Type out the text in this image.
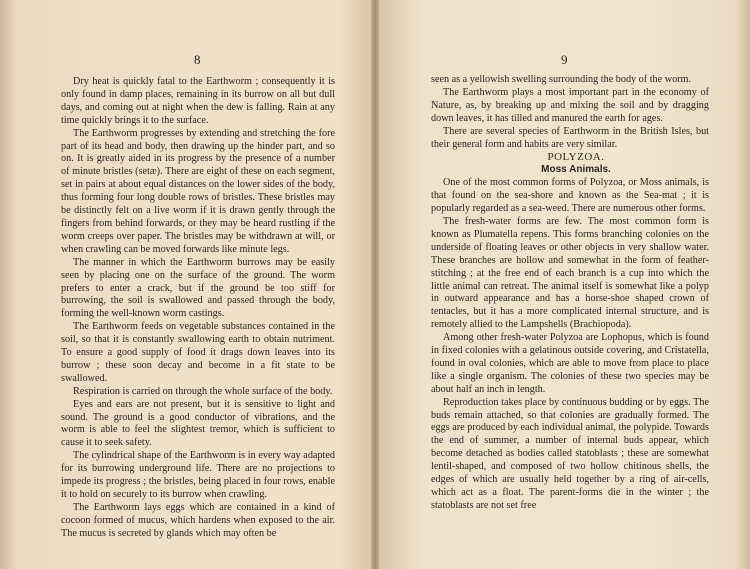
8

Dry heat is quickly fatal to the Earthworm ; consequently it is only found in damp places, remaining in its burrow on all but dull days, and coming out at night when the dew is falling. Rain at any time quickly brings it to the surface.

The Earthworm progresses by extending and stretching the fore part of its head and body, then drawing up the hinder part, and so on. It is greatly aided in its progress by the presence of a number of minute bristles (setæ). There are eight of these on each segment, set in pairs at about equal distances on the lower sides of the body, thus forming four long double rows of bristles. These bristles may be distinctly felt on a live worm if it is drawn gently through the fingers from behind forwards, or they may be heard rustling if the worm creeps over paper. The bristles may be withdrawn at will, or when crawling can be moved forwards like minute legs.

The manner in which the Earthworm burrows may be easily seen by placing one on the surface of the ground. The worm prefers to enter a crack, but if the ground be too stiff for burrowing, the soil is swallowed and passed through the body, forming the well-known worm castings.

The Earthworm feeds on vegetable substances contained in the soil, so that it is constantly swallowing earth to obtain nutriment. To ensure a good supply of food it drags down leaves into its burrow ; these soon decay and become in a fit state to be swallowed.

Respiration is carried on through the whole surface of the body.

Eyes and ears are not present, but it is sensitive to light and sound. The ground is a good conductor of vibrations, and the worm is able to feel the slightest tremor, which is sufficient to cause it to seek safety.

The cylindrical shape of the Earthworm is in every way adapted for its burrowing underground life. There are no projections to impede its progress ; the bristles, being placed in four rows, enable it to hold on securely to its burrow when crawling.

The Earthworm lays eggs which are contained in a kind of cocoon formed of mucus, which hardens when exposed to the air. The mucus is secreted by glands which may often be

9

seen as a yellowish swelling surrounding the body of the worm.

The Earthworm plays a most important part in the economy of Nature, as, by breaking up and mixing the soil and by dragging down leaves, it has tilled and manured the earth for ages.

There are several species of Earthworm in the British Isles, but their general form and habits are very similar.

POLYZOA.

Moss Animals.

One of the most common forms of Polyzoa, or Moss animals, is that found on the sea-shore and known as the Sea-mat ; it is popularly regarded as a sea-weed. There are numerous other forms.

The fresh-water forms are few. The most common form is known as Plumatella repens. This forms branching colonies on the underside of floating leaves or other objects in very shallow water. These branches are hollow and somewhat in the form of feather-stitching ; at the free end of each branch is a cup into which the little animal can retreat. The animal itself is somewhat like a polyp in outward appearance and has a horse-shoe shaped crown of tentacles, but it has a more complicated internal structure, and is remotely allied to the Lampshells (Brachiopoda).

Among other fresh-water Polyzoa are Lophopus, which is found in fixed colonies with a gelatinous outside covering, and Cristatella, found in oval colonies, which are able to move from place to place like a single organism. The colonies of these two species may be about half an inch in length.

Reproduction takes place by continuous budding or by eggs. The buds remain attached, so that colonies are gradually formed. The eggs are produced by each individual animal, the polypide. Towards the end of summer, a number of internal buds appear, which become detached as bodies called statoblasts ; these are somewhat lentil-shaped, and composed of two hollow chitinous shells, the edges of which are usually held together by a ring of air-cells, which act as a float. The parent-forms die in the winter ; the statoblasts are not set free
